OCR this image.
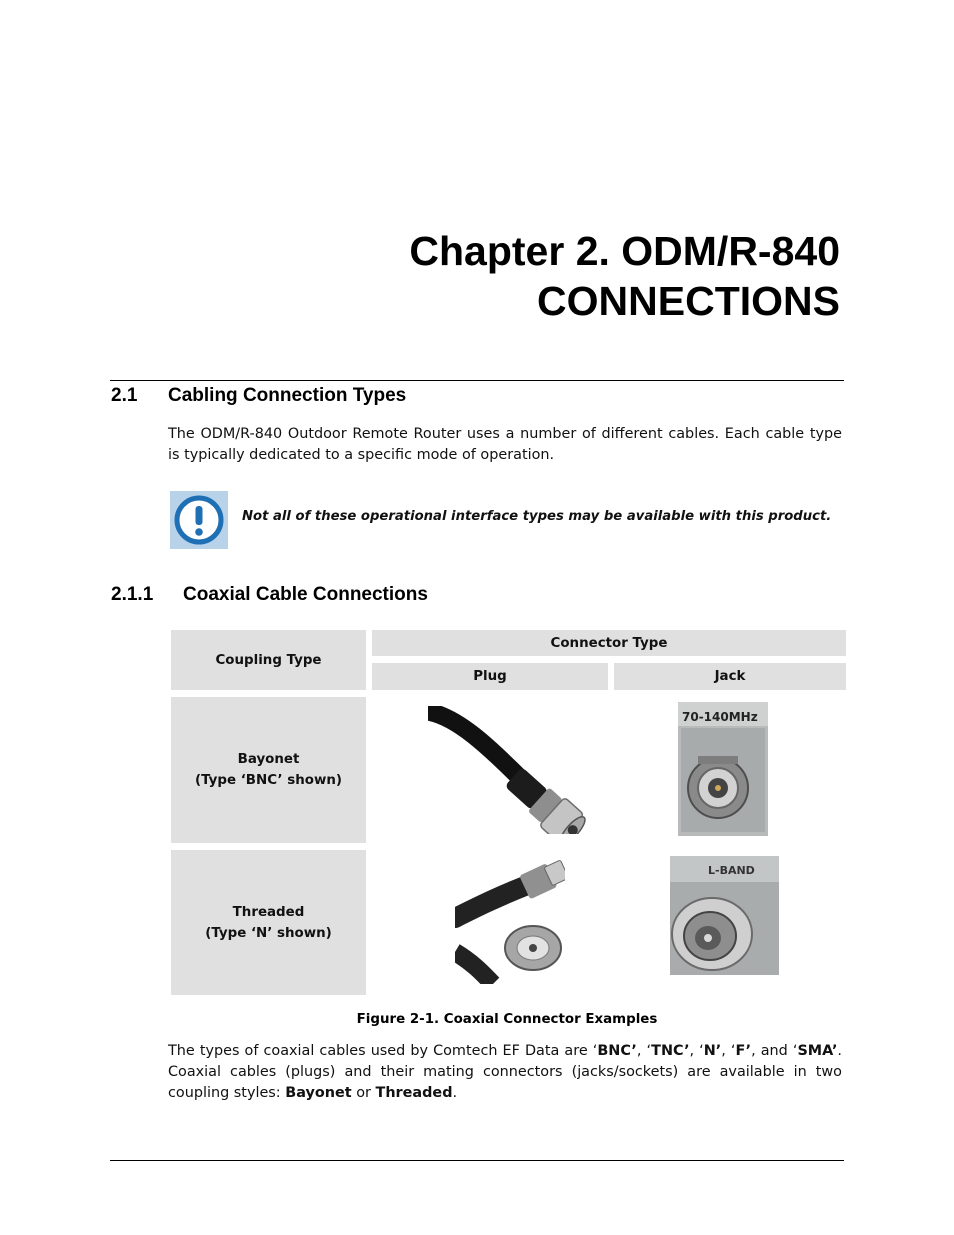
Chapter 2. ODM/R-840
CONNECTIONS
2.1 Cabling Connection Types
The ODM/R-840 Outdoor Remote Router uses a number of different cables. Each cable type is typically dedicated to a specific mode of operation.
Not all of these operational interface types may be available with this product.
2.1.1 Coaxial Cable Connections
Coupling Type
Connector Type
Plug	Jack
Bayonet
(Type ‘BNC’ shown)
70-140MHz
Threaded
(Type ‘N’ shown)
L-BAND
Figure 2-1. Coaxial Connector Examples
The types of coaxial cables used by Comtech EF Data are ‘BNC’, ‘TNC’, ‘N’, ‘F’, and ‘SMA’. Coaxial cables (plugs) and their mating connectors (jacks/sockets) are available in two coupling styles: Bayonet or Threaded.
